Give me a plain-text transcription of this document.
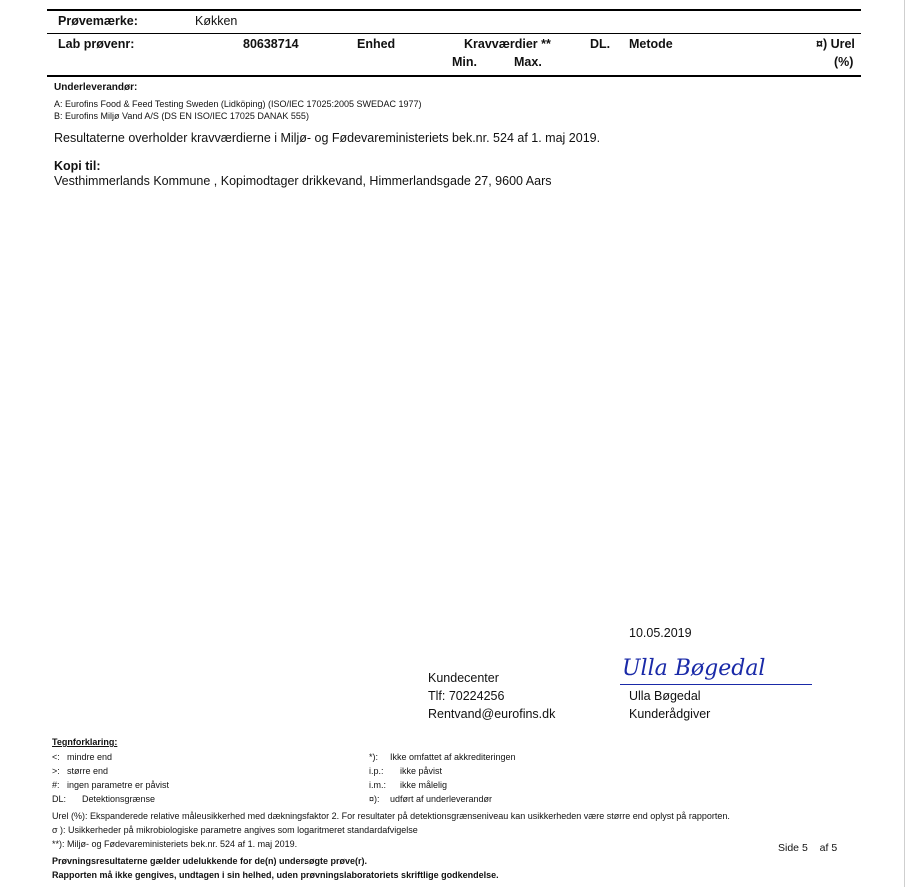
Prøvemærke:	Køkken
Lab prøvenr:	80638714	Enhed	Kravværdier **	DL. Metode	¤) Urel
Min.	Max.	(%)
Underleverandør:
A: Eurofins Food & Feed Testing Sweden (Lidköping) (ISO/IEC 17025:2005 SWEDAC 1977)
B: Eurofins Miljø Vand A/S (DS EN ISO/IEC 17025 DANAK 555)
Resultaterne overholder kravværdierne i Miljø- og Fødevareministeriets bek.nr. 524 af 1. maj 2019.
Kopi til:
Vesthimmerlands Kommune , Kopimodtager drikkevand, Himmerlandsgade 27, 9600 Aars
10.05.2019
Kundecenter
Tlf: 70224256
Rentvand@eurofins.dk
Ulla Bøgedal
Ulla Bøgedal
Kunderådgiver
Tegnforklaring:
<: mindre end
>: større end
#: ingen parametre er påvist
DL: Detektionsgrænse
*): Ikke omfattet af akkrediteringen
i.p.: ikke påvist
i.m.: ikke målelig
¤): udført af underleverandør
Urel (%): Ekspanderede relative måleusikkerhed med dækningsfaktor 2. For resultater på detektionsgrænseniveau kan usikkerheden være større end oplyst på rapporten.
σ ): Usikkerheder på mikrobiologiske parametre angives som logaritmeret standardafvigelse
**): Miljø- og Fødevareministeriets bek.nr. 524 af 1. maj 2019.
Prøvningsresultaterne gælder udelukkende for de(n) undersøgte prøve(r).
Rapporten må ikke gengives, undtagen i sin helhed, uden prøvningslaboratoriets skriftlige godkendelse.
Side 5 af 5
